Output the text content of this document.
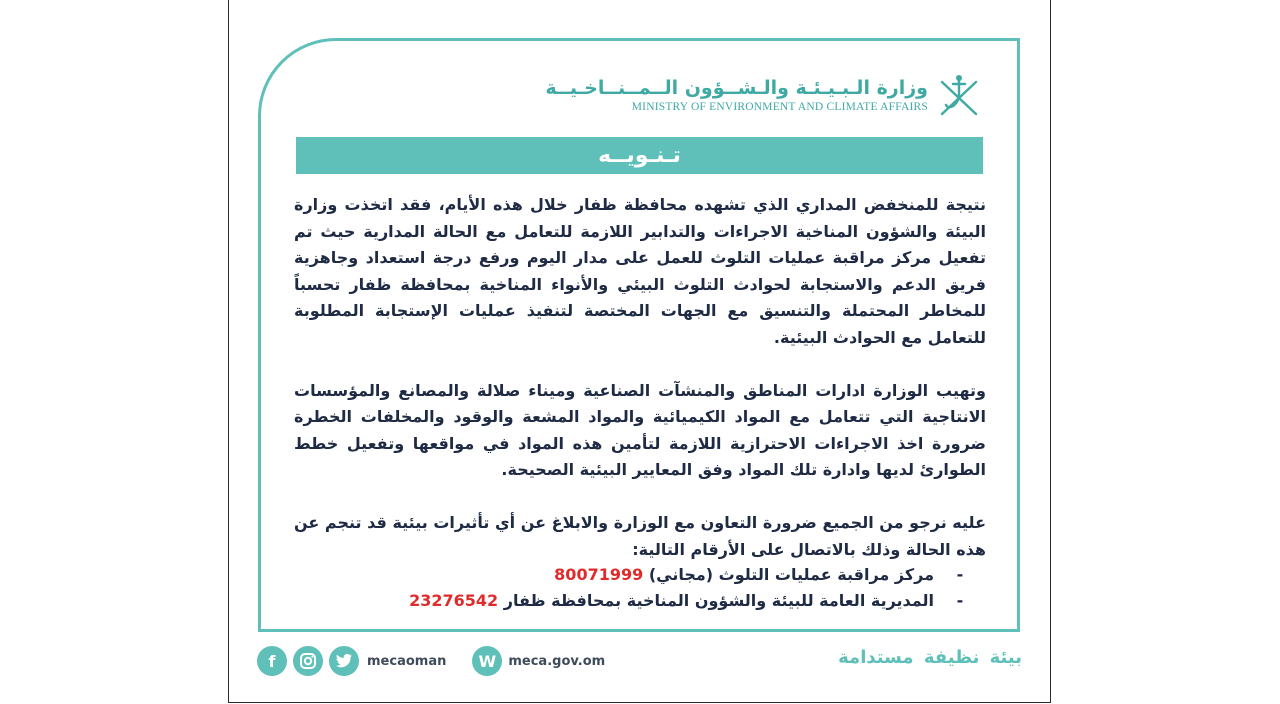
وزارة الـبـيـئـة والـشــؤون الــمــنــاخـيــة
MINISTRY OF ENVIRONMENT AND CLIMATE AFFAIRS
تـنـويــه

نتيجة للمنخفض المداري الذي تشهده محافظة ظفار خلال هذه الأيام، فقد اتخذت وزارة البيئة والشؤون المناخية الاجراءات والتدابير اللازمة للتعامل مع الحالة المدارية حيث تم تفعيل مركز مراقبة عمليات التلوث للعمل على مدار اليوم ورفع درجة استعداد وجاهزية فريق الدعم والاستجابة لحوادث التلوث البيئي والأنواء المناخية بمحافظة ظفار تحسباً للمخاطر المحتملة والتنسيق مع الجهات المختصة لتنفيذ عمليات الإستجابة المطلوبة للتعامل مع الحوادث البيئية.

وتهيب الوزارة ادارات المناطق والمنشآت الصناعية وميناء صلالة والمصانع والمؤسسات الانتاجية التي تتعامل مع المواد الكيميائية والمواد المشعة والوقود والمخلفات الخطرة ضرورة اخذ الاجراءات الاحترازية اللازمة لتأمين هذه المواد في مواقعها وتفعيل خطط الطوارئ لديها وادارة تلك المواد وفق المعايير البيئية الصحيحة.

عليه نرجو من الجميع ضرورة التعاون مع الوزارة والابلاغ عن أي تأثيرات بيئية قد تنجم عن هذه الحالة وذلك بالاتصال على الأرقام التالية:

-
مركز مراقبة عمليات التلوث (مجاني)

80071999
-
المديرية العامة للبيئة والشؤون المناخية بمحافظة ظفار

23276542
f	mecaoman	W meca.gov.om	بيئة نظيفة مستدامة
